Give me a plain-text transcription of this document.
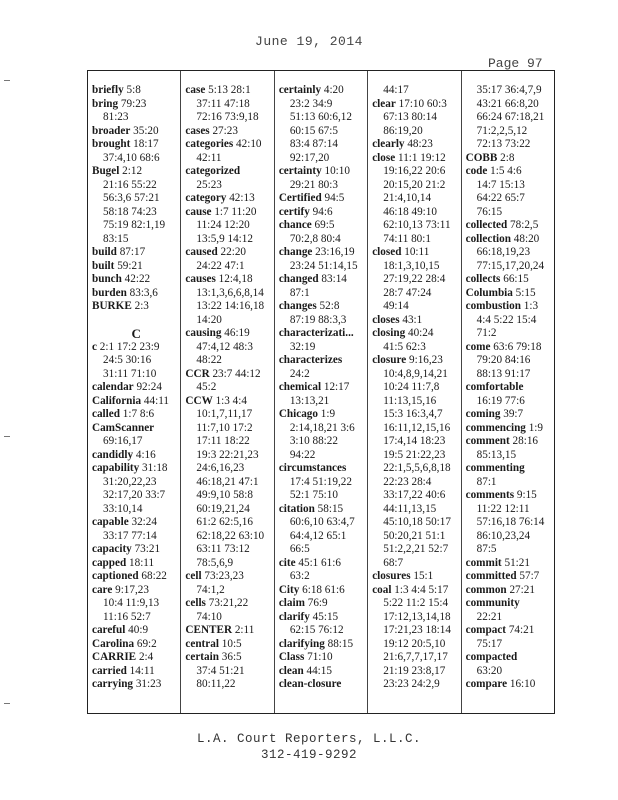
June 19, 2014
Page 97
briefly 5:8
bring 79:23
81:23
broader 35:20
brought 18:17
37:4,10 68:6
Bugel 2:12
21:16 55:22
56:3,6 57:21
58:18 74:23
75:19 82:1,19
83:15
build 87:17
built 59:21
bunch 42:22
burden 83:3,6
BURKE 2:3
C
c 2:1 17:2 23:9
24:5 30:16
31:11 71:10
calendar 92:24
California 44:11
called 1:7 8:6
CamScanner
69:16,17
candidly 4:16
capability 31:18
31:20,22,23
32:17,20 33:7
33:10,14
capable 32:24
33:17 77:14
capacity 73:21
capped 18:11
captioned 68:22
care 9:17,23
10:4 11:9,13
11:16 52:7
careful 40:9
Carolina 69:2
CARRIE 2:4
carried 14:11
carrying 31:23
case 5:13 28:1
37:11 47:18
72:16 73:9,18
cases 27:23
categories 42:10
42:11
categorized
25:23
category 42:13
cause 1:7 11:20
11:24 12:20
13:5,9 14:12
caused 22:20
24:22 47:1
causes 12:4,18
13:1,3,6,6,8,14
13:22 14:16,18
14:20
causing 46:19
47:4,12 48:3
48:22
CCR 23:7 44:12
45:2
CCW 1:3 4:4
10:1,7,11,17
11:7,10 17:2
17:11 18:22
19:3 22:21,23
24:6,16,23
46:18,21 47:1
49:9,10 58:8
60:19,21,24
61:2 62:5,16
62:18,22 63:10
63:11 73:12
78:5,6,9
cell 73:23,23
74:1,2
cells 73:21,22
74:10
CENTER 2:11
central 10:5
certain 36:5
37:4 51:21
80:11,22
certainly 4:20
23:2 34:9
51:13 60:6,12
60:15 67:5
83:4 87:14
92:17,20
certainty 10:10
29:21 80:3
Certified 94:5
certify 94:6
chance 69:5
70:2,8 80:4
change 23:16,19
23:24 51:14,15
changed 83:14
87:1
changes 52:8
87:19 88:3,3
characterizati...
32:19
characterizes
24:2
chemical 12:17
13:13,21
Chicago 1:9
2:14,18,21 3:6
3:10 88:22
94:22
circumstances
17:4 51:19,22
52:1 75:10
citation 58:15
60:6,10 63:4,7
64:4,12 65:1
66:5
cite 45:1 61:6
63:2
City 6:18 61:6
claim 76:9
clarify 45:15
62:15 76:12
clarifying 88:15
Class 71:10
clean 44:15
clean-closure
44:17
clear 17:10 60:3
67:13 80:14
86:19,20
clearly 48:23
close 11:1 19:12
19:16,22 20:6
20:15,20 21:2
21:4,10,14
46:18 49:10
62:10,13 73:11
74:11 80:1
closed 10:11
18:1,3,10,15
27:19,22 28:4
28:7 47:24
49:14
closes 43:1
closing 40:24
41:5 62:3
closure 9:16,23
10:4,8,9,14,21
10:24 11:7,8
11:13,15,16
15:3 16:3,4,7
16:11,12,15,16
17:4,14 18:23
19:5 21:22,23
22:1,5,5,6,8,18
22:23 28:4
33:17,22 40:6
44:11,13,15
45:10,18 50:17
50:20,21 51:1
51:2,2,21 52:7
68:7
closures 15:1
coal 1:3 4:4 5:17
5:22 11:2 15:4
17:12,13,14,18
17:21,23 18:14
19:12 20:5,10
21:6,7,7,17,17
21:19 23:8,17
23:23 24:2,9
35:17 36:4,7,9
43:21 66:8,20
66:24 67:18,21
71:2,2,5,12
72:13 73:22
COBB 2:8
code 1:5 4:6
14:7 15:13
64:22 65:7
76:15
collected 78:2,5
collection 48:20
66:18,19,23
77:15,17,20,24
collects 66:15
Columbia 5:15
combustion 1:3
4:4 5:22 15:4
71:2
come 63:6 79:18
79:20 84:16
88:13 91:17
comfortable
16:19 77:6
coming 39:7
commencing 1:9
comment 28:16
85:13,15
commenting
87:1
comments 9:15
11:22 12:11
57:16,18 76:14
86:10,23,24
87:5
commit 51:21
committed 57:7
common 27:21
community
22:21
compact 74:21
75:17
compacted
63:20
compare 16:10
L.A. Court Reporters, L.L.C.
312-419-9292
